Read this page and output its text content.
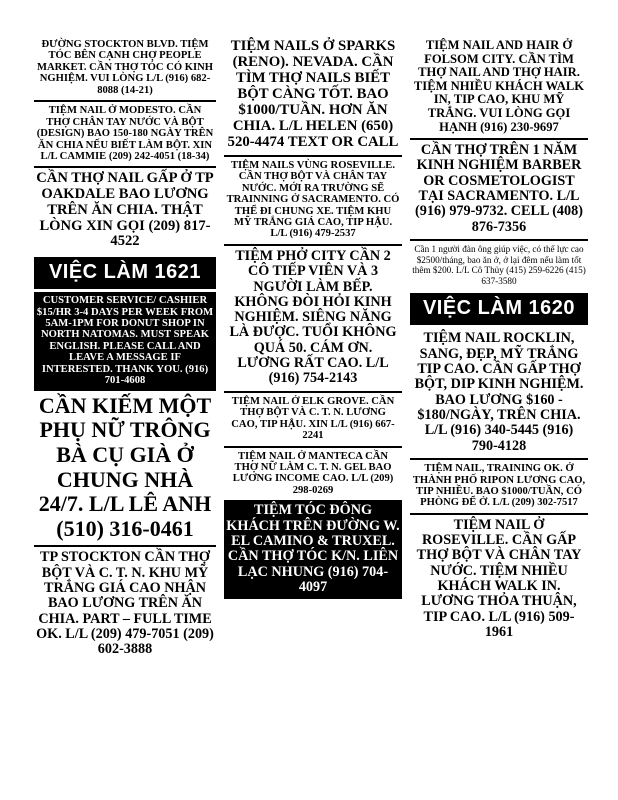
ĐƯỜNG STOCKTON BLVD. TIỆM TÓC BÊN CẠNH CHỢ PEOPLE MARKET. CẦN THỢ TÓC CÓ KINH NGHIỆM. VUI LÒNG L/L (916) 682-8088 (14-21)
TIỆM NAIL Ở MODESTO. CẦN THỢ CHÂN TAY NƯỚC VÀ BỘT (DESIGN) BAO 150-180 NGÀY TRÊN ĂN CHIA NẾU BIẾT LÀM BỘT. XIN L/L CAMMIE (209) 242-4051 (18-34)
CẦN THỢ NAIL GẤP Ở TP OAKDALE BAO LƯƠNG TRÊN ĂN CHIA. THẬT LÒNG XIN GỌI (209) 817-4522
VIỆC LÀM 1621
CUSTOMER SERVICE/ CASHIER $15/HR 3-4 DAYS PER WEEK FROM 5AM-1PM FOR DONUT SHOP IN NORTH NATOMAS. MUST SPEAK ENGLISH. PLEASE CALL AND LEAVE A MESSAGE IF INTERESTED. THANK YOU. (916) 701-4608
CẦN KIẾM MỘT PHỤ NỮ TRÔNG BÀ CỤ GIÀ Ở CHUNG NHÀ 24/7. L/L LÊ ANH (510) 316-0461
TP STOCKTON CẦN THỢ BỘT VÀ C. T. N. KHU MỸ TRẮNG GIÁ CAO NHẬN BAO LƯƠNG TRÊN ĂN CHIA. PART – FULL TIME OK. L/L (209) 479-7051 (209) 602-3888
TIỆM NAILS Ở SPARKS (RENO). NEVADA. CẦN TÌM THỢ NAILS BIẾT BỘT CÀNG TỐT. BAO $1000/TUẦN. HƠN ĂN CHIA. L/L HELEN (650) 520-4474 TEXT OR CALL
TIỆM NAILS VÙNG ROSEVILLE. CẦN THỢ BỘT VÀ CHÂN TAY NƯỚC. MỚI RA TRƯỜNG SẼ TRAINNING Ở SACRAMENTO. CÓ THỂ ĐI CHUNG XE. TIỆM KHU MỸ TRẮNG GIÁ CAO, TIP HẬU. L/L (916) 479-2537
TIỆM PHỞ CITY CẦN 2 CÔ TIẾP VIÊN VÀ 3 NGƯỜI LÀM BẾP. KHÔNG ĐÒI HỎI KINH NGHIỆM. SIÊNG NĂNG LÀ ĐƯỢC. TUỔI KHÔNG QUÁ 50. CÁM ƠN. LƯƠNG RẤT CAO. L/L (916) 754-2143
TIỆM NAIL Ở ELK GROVE. CẦN THỢ BỘT VÀ C. T. N. LƯƠNG CAO, TIP HẬU. XIN L/L (916) 667-2241
TIỆM NAIL Ở MANTECA CẦN THỢ NỮ LÀM C. T. N. GEL BAO LƯƠNG INCOME CAO. L/L (209) 298-0269
TIỆM TÓC ĐÔNG KHÁCH TRÊN ĐƯỜNG W. EL CAMINO & TRUXEL. CẦN THỢ TÓC K/N. LIÊN LẠC NHUNG (916) 704-4097
TIỆM NAIL AND HAIR Ở FOLSOM CITY. CẦN TÌM THỢ NAIL AND THỢ HAIR. TIỆM NHIỀU KHÁCH WALK IN, TIP CAO, KHU MỸ TRẮNG. VUI LÒNG GỌI HẠNH (916) 230-9697
CẦN THỢ TRÊN 1 NĂM KINH NGHIỆM BARBER OR COSMETOLOGIST TẠI SACRAMENTO. L/L (916) 979-9732. CELL (408) 876-7356
Cần 1 người đàn ông giúp việc, có thể lực cao $2500/tháng, bao ăn ở, ở lại đêm nếu làm tốt thêm $200. L/L Cô Thủy (415) 259-6226 (415) 637-3580
VIỆC LÀM 1620
TIỆM NAIL ROCKLIN, SANG, ĐẸP, MỸ TRẮNG TIP CAO. CẦN GẤP THỢ BỘT, DIP KINH NGHIỆM. BAO LƯƠNG $160 - $180/NGÀY, TRÊN CHIA. L/L (916) 340-5445 (916) 790-4128
TIỆM NAIL, TRAINING OK. Ở THÀNH PHỐ RIPON LƯƠNG CAO, TIP NHIỀU. BAO $1000/TUẦN, CÓ PHÒNG ĐỂ Ở. L/L (209) 302-7517
TIỆM NAIL Ở ROSEVILLE. CẦN GẤP THỢ BỘT VÀ CHÂN TAY NƯỚC. TIỆM NHIỀU KHÁCH WALK IN. LƯƠNG THỎA THUẬN, TIP CAO. L/L (916) 509-1961
